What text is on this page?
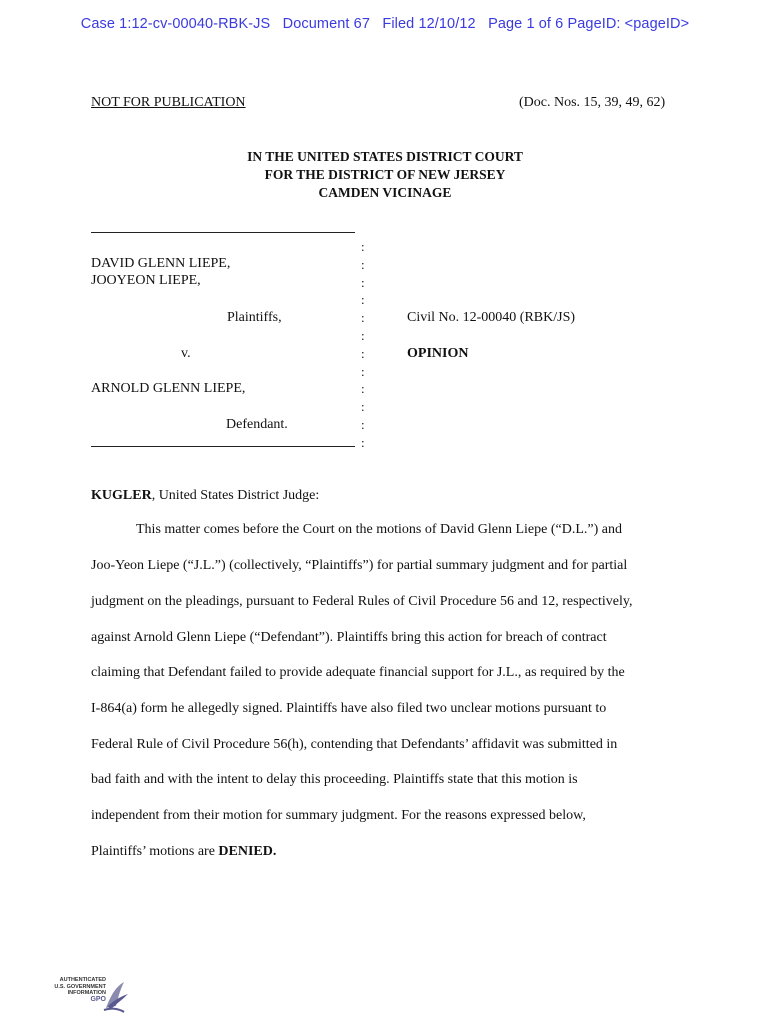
Case 1:12-cv-00040-RBK-JS   Document 67   Filed 12/10/12   Page 1 of 6 PageID: <pageID>
NOT FOR PUBLICATION	(Doc. Nos. 15, 39, 49, 62)
IN THE UNITED STATES DISTRICT COURT
FOR THE DISTRICT OF NEW JERSEY
CAMDEN VICINAGE
:
:
:
:
:
:
:
:
:
:
:
:
DAVID GLENN LIEPE,
JOOYEON LIEPE,
Plaintiffs,
v.
ARNOLD GLENN LIEPE,
Defendant.
Civil No. 12-00040 (RBK/JS)
OPINION
KUGLER, United States District Judge:
This matter comes before the Court on the motions of David Glenn Liepe (“D.L.”) and
Joo-Yeon Liepe (“J.L.”) (collectively, “Plaintiffs”) for partial summary judgment and for partial
judgment on the pleadings, pursuant to Federal Rules of Civil Procedure 56 and 12, respectively,
against Arnold Glenn Liepe (“Defendant”). Plaintiffs bring this action for breach of contract
claiming that Defendant failed to provide adequate financial support for J.L., as required by the
I-864(a) form he allegedly signed. Plaintiffs have also filed two unclear motions pursuant to
Federal Rule of Civil Procedure 56(h), contending that Defendants’ affidavit was submitted in
bad faith and with the intent to delay this proceeding. Plaintiffs state that this motion is
independent from their motion for summary judgment. For the reasons expressed below,
Plaintiffs’ motions are DENIED.
AUTHENTICATED
U.S. GOVERNMENT
INFORMATION
GPO
